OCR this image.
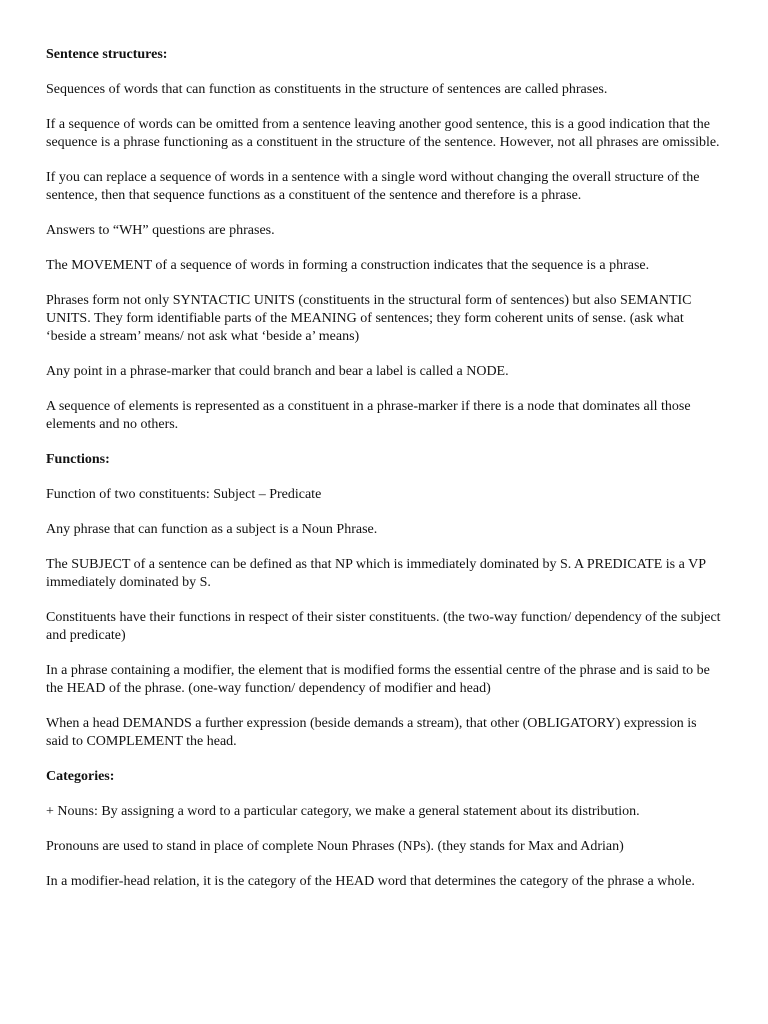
Sentence structures:

Sequences of words that can function as constituents in the structure of sentences are called phrases.

If a sequence of words can be omitted from a sentence leaving another good sentence, this is a good indication that the sequence is a phrase functioning as a constituent in the structure of the sentence. However, not all phrases are omissible.

If you can replace a sequence of words in a sentence with a single word without changing the overall structure of the sentence, then that sequence functions as a constituent of the sentence and therefore is a phrase.

Answers to “WH” questions are phrases.

The MOVEMENT of a sequence of words in forming a construction indicates that the sequence is a phrase.

Phrases form not only SYNTACTIC UNITS (constituents in the structural form of sentences) but also SEMANTIC UNITS. They form identifiable parts of the MEANING of sentences; they form coherent units of sense. (ask what ‘beside a stream’ means/ not ask what ‘beside a’ means)

Any point in a phrase-marker that could branch and bear a label is called a NODE.

A sequence of elements is represented as a constituent in a phrase-marker if there is a node that dominates all those elements and no others.

Functions:

Function of two constituents: Subject – Predicate

Any phrase that can function as a subject is a Noun Phrase.

The SUBJECT of a sentence can be defined as that NP which is immediately dominated by S. A PREDICATE is a VP immediately dominated by S.

Constituents have their functions in respect of their sister constituents. (the two-way function/ dependency of the subject and predicate)

In a phrase containing a modifier, the element that is modified forms the essential centre of the phrase and is said to be the HEAD of the phrase. (one-way function/ dependency of modifier and head)

When a head DEMANDS a further expression (beside demands a stream), that other (OBLIGATORY) expression is said to COMPLEMENT the head.

Categories:

+ Nouns: By assigning a word to a particular category, we make a general statement about its distribution.

Pronouns are used to stand in place of complete Noun Phrases (NPs). (they stands for Max and Adrian)

In a modifier-head relation, it is the category of the HEAD word that determines the category of the phrase a whole.
